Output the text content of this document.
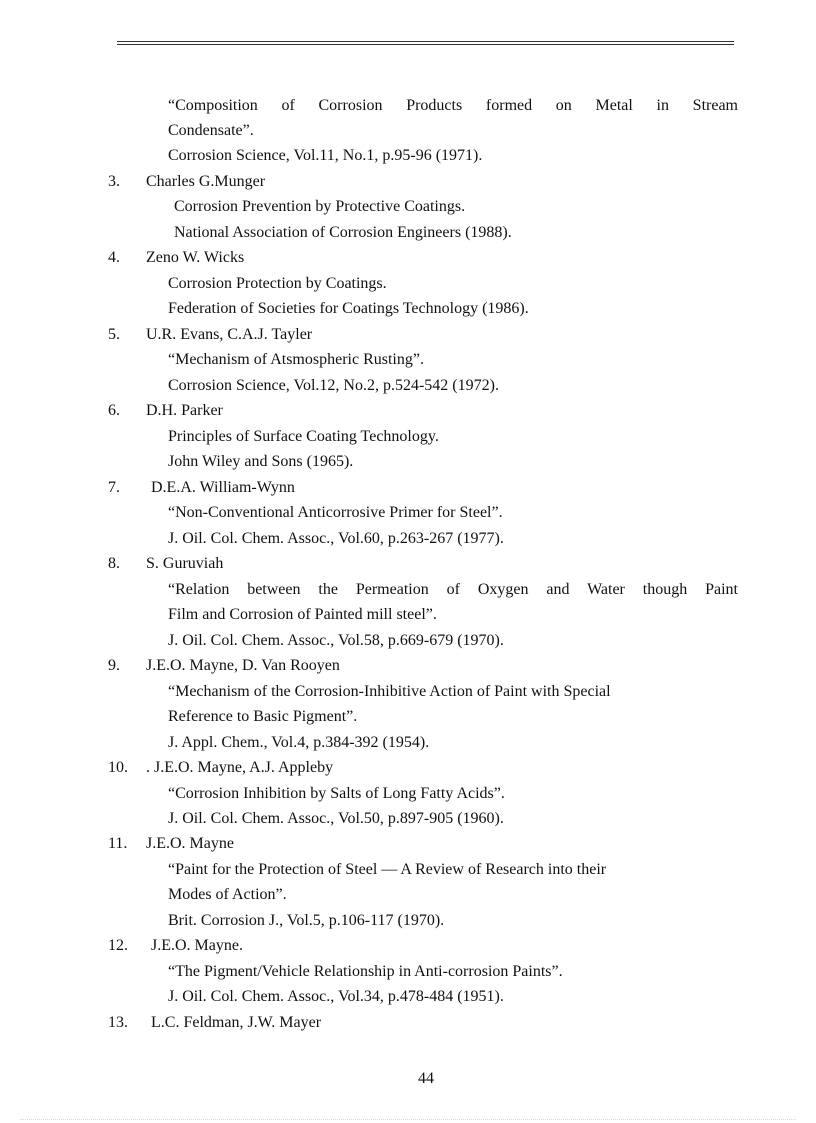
“Composition of Corrosion Products formed on Metal in Stream
Condensate”.
Corrosion Science, Vol.11, No.1, p.95-96 (1971).
3. Charles G.Munger
Corrosion Prevention by Protective Coatings.
National Association of Corrosion Engineers (1988).
4. Zeno W. Wicks
Corrosion Protection by Coatings.
Federation of Societies for Coatings Technology (1986).
5. U.R. Evans, C.A.J. Tayler
“Mechanism of Atsmospheric Rusting”.
Corrosion Science, Vol.12, No.2, p.524-542 (1972).
6. D.H. Parker
Principles of Surface Coating Technology.
John Wiley and Sons (1965).
7. D.E.A. William-Wynn
“Non-Conventional Anticorrosive Primer for Steel”.
J. Oil. Col. Chem. Assoc., Vol.60, p.263-267 (1977).
8. S. Guruviah
“Relation between the Permeation of Oxygen and Water though Paint
Film and Corrosion of Painted mill steel”.
J. Oil. Col. Chem. Assoc., Vol.58, p.669-679 (1970).
9. J.E.O. Mayne, D. Van Rooyen
“Mechanism of the Corrosion-Inhibitive Action of Paint with Special
Reference to Basic Pigment”.
J. Appl. Chem., Vol.4, p.384-392 (1954).
10. . J.E.O. Mayne, A.J. Appleby
“Corrosion Inhibition by Salts of Long Fatty Acids”.
J. Oil. Col. Chem. Assoc., Vol.50, p.897-905 (1960).
11. J.E.O. Mayne
“Paint for the Protection of Steel — A Review of Research into their
Modes of Action”.
Brit. Corrosion J., Vol.5, p.106-117 (1970).
12. J.E.O. Mayne.
“The Pigment/Vehicle Relationship in Anti-corrosion Paints”.
J. Oil. Col. Chem. Assoc., Vol.34, p.478-484 (1951).
13. L.C. Feldman, J.W. Mayer
44
